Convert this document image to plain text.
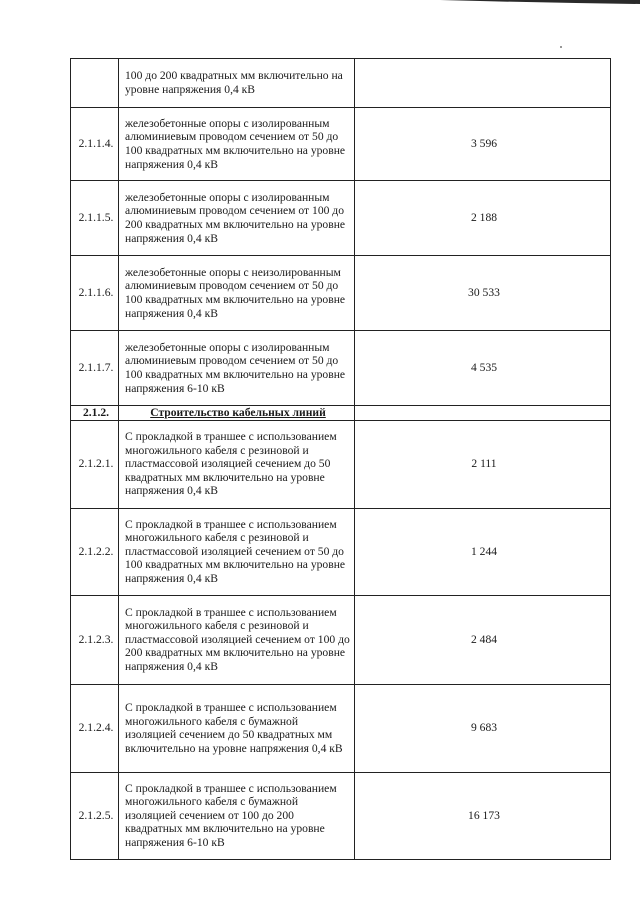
	100 до 200 квадратных мм включительно на уровне напряжения 0,4 кВ	
2.1.1.4.	железобетонные опоры с изолированным алюминиевым проводом сечением от 50 до 100 квадратных мм включительно на уровне напряжения 0,4 кВ	3 596
2.1.1.5.	железобетонные опоры с изолированным алюминиевым проводом сечением от 100 до 200 квадратных мм включительно на уровне напряжения 0,4 кВ	2 188
2.1.1.6.	железобетонные опоры с неизолированным алюминиевым проводом сечением от 50 до 100 квадратных мм включительно на уровне напряжения 0,4 кВ	30 533
2.1.1.7.	железобетонные опоры с изолированным алюминиевым проводом сечением от 50 до 100 квадратных мм включительно на уровне напряжения 6-10 кВ	4 535
2.1.2.	Строительство кабельных линий	
2.1.2.1.	С прокладкой в траншее с использованием многожильного кабеля с резиновой и пластмассовой изоляцией сечением до 50 квадратных мм включительно на уровне напряжения 0,4 кВ	2 111
2.1.2.2.	С прокладкой в траншее с использованием многожильного кабеля с резиновой и пластмассовой изоляцией сечением от 50 до 100 квадратных мм включительно на уровне напряжения 0,4 кВ	1 244
2.1.2.3.	С прокладкой в траншее с использованием многожильного кабеля с резиновой и пластмассовой изоляцией сечением от 100 до 200 квадратных мм включительно на уровне напряжения 0,4 кВ	2 484
2.1.2.4.	С прокладкой в траншее с использованием многожильного кабеля с бумажной изоляцией сечением до 50 квадратных мм включительно на уровне напряжения 0,4 кВ	9 683
2.1.2.5.	С прокладкой в траншее с использованием многожильного кабеля с бумажной изоляцией сечением от 100 до 200 квадратных мм включительно на уровне напряжения 6-10 кВ	16 173
